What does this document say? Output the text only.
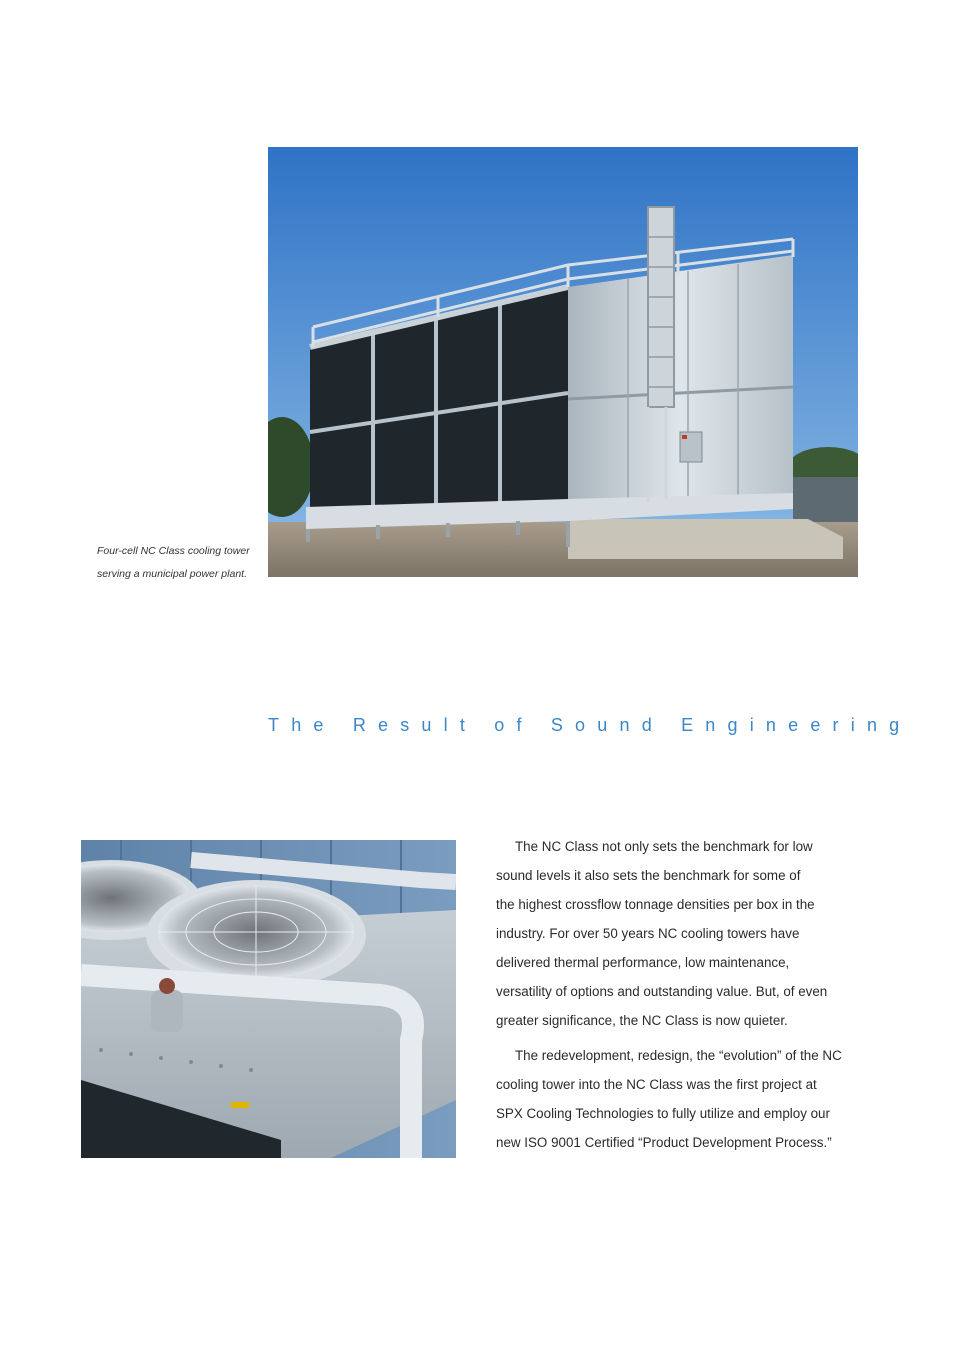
Four-cell NC Class cooling tower
serving a municipal power plant.
The Result of Sound Engineering

The NC Class not only sets the benchmark for low
sound levels it also sets the benchmark for some of
the highest crossflow tonnage densities per box in the
industry. For over 50 years NC cooling towers have
delivered thermal performance, low maintenance,
versatility of options and outstanding value. But, of even
greater significance, the NC Class is now quieter.

The redevelopment, redesign, the “evolution” of the NC
cooling tower into the NC Class was the first project at
SPX Cooling Technologies to fully utilize and employ our
new ISO 9001 Certified “Product Development Process.”
